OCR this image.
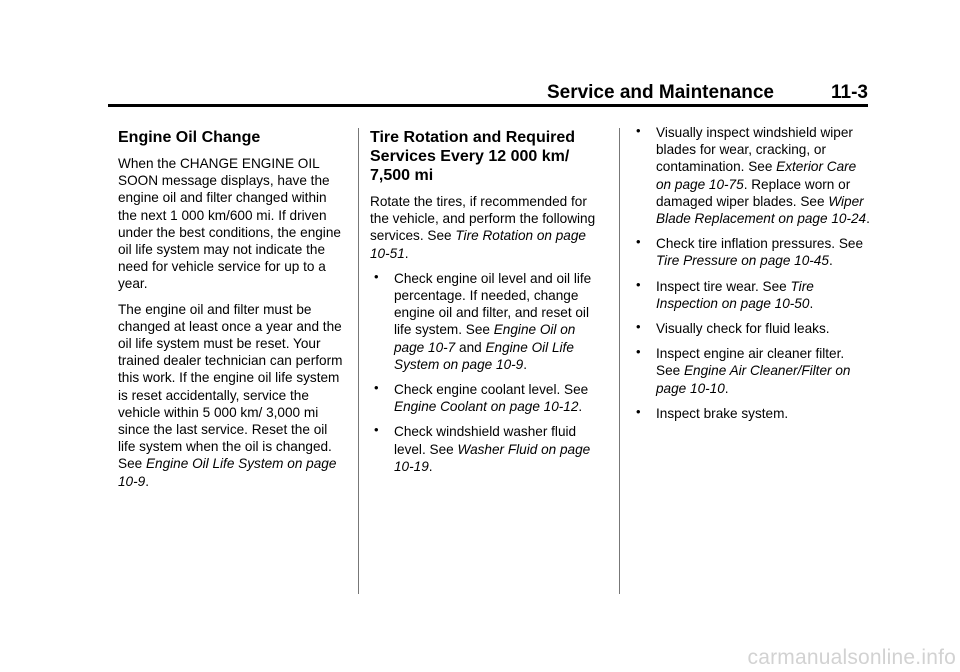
Service and Maintenance	11-3
Engine Oil Change

When the CHANGE ENGINE OIL SOON message displays, have the engine oil and filter changed within the next 1 000 km/600 mi. If driven under the best conditions, the engine oil life system may not indicate the need for vehicle service for up to a year.

The engine oil and filter must be changed at least once a year and the oil life system must be reset. Your trained dealer technician can perform this work. If the engine oil life system is reset accidentally, service the vehicle within 5 000 km/ 3,000 mi since the last service. Reset the oil life system when the oil is changed. See Engine Oil Life System on page 10-9.

Tire Rotation and Required Services Every 12 000 km/ 7,500 mi

Rotate the tires, if recommended for the vehicle, and perform the following services. See Tire Rotation on page 10-51.

• Check engine oil level and oil life percentage. If needed, change engine oil and filter, and reset oil life system. See Engine Oil on page 10-7 and Engine Oil Life System on page 10-9.
• Check engine coolant level. See Engine Coolant on page 10-12.
• Check windshield washer fluid level. See Washer Fluid on page 10-19.
• Visually inspect windshield wiper blades for wear, cracking, or contamination. See Exterior Care on page 10-75. Replace worn or damaged wiper blades. See Wiper Blade Replacement on page 10-24.
• Check tire inflation pressures. See Tire Pressure on page 10-45.
• Inspect tire wear. See Tire Inspection on page 10-50.
• Visually check for fluid leaks.
• Inspect engine air cleaner filter. See Engine Air Cleaner/Filter on page 10-10.
• Inspect brake system.
carmanualsonline.info
